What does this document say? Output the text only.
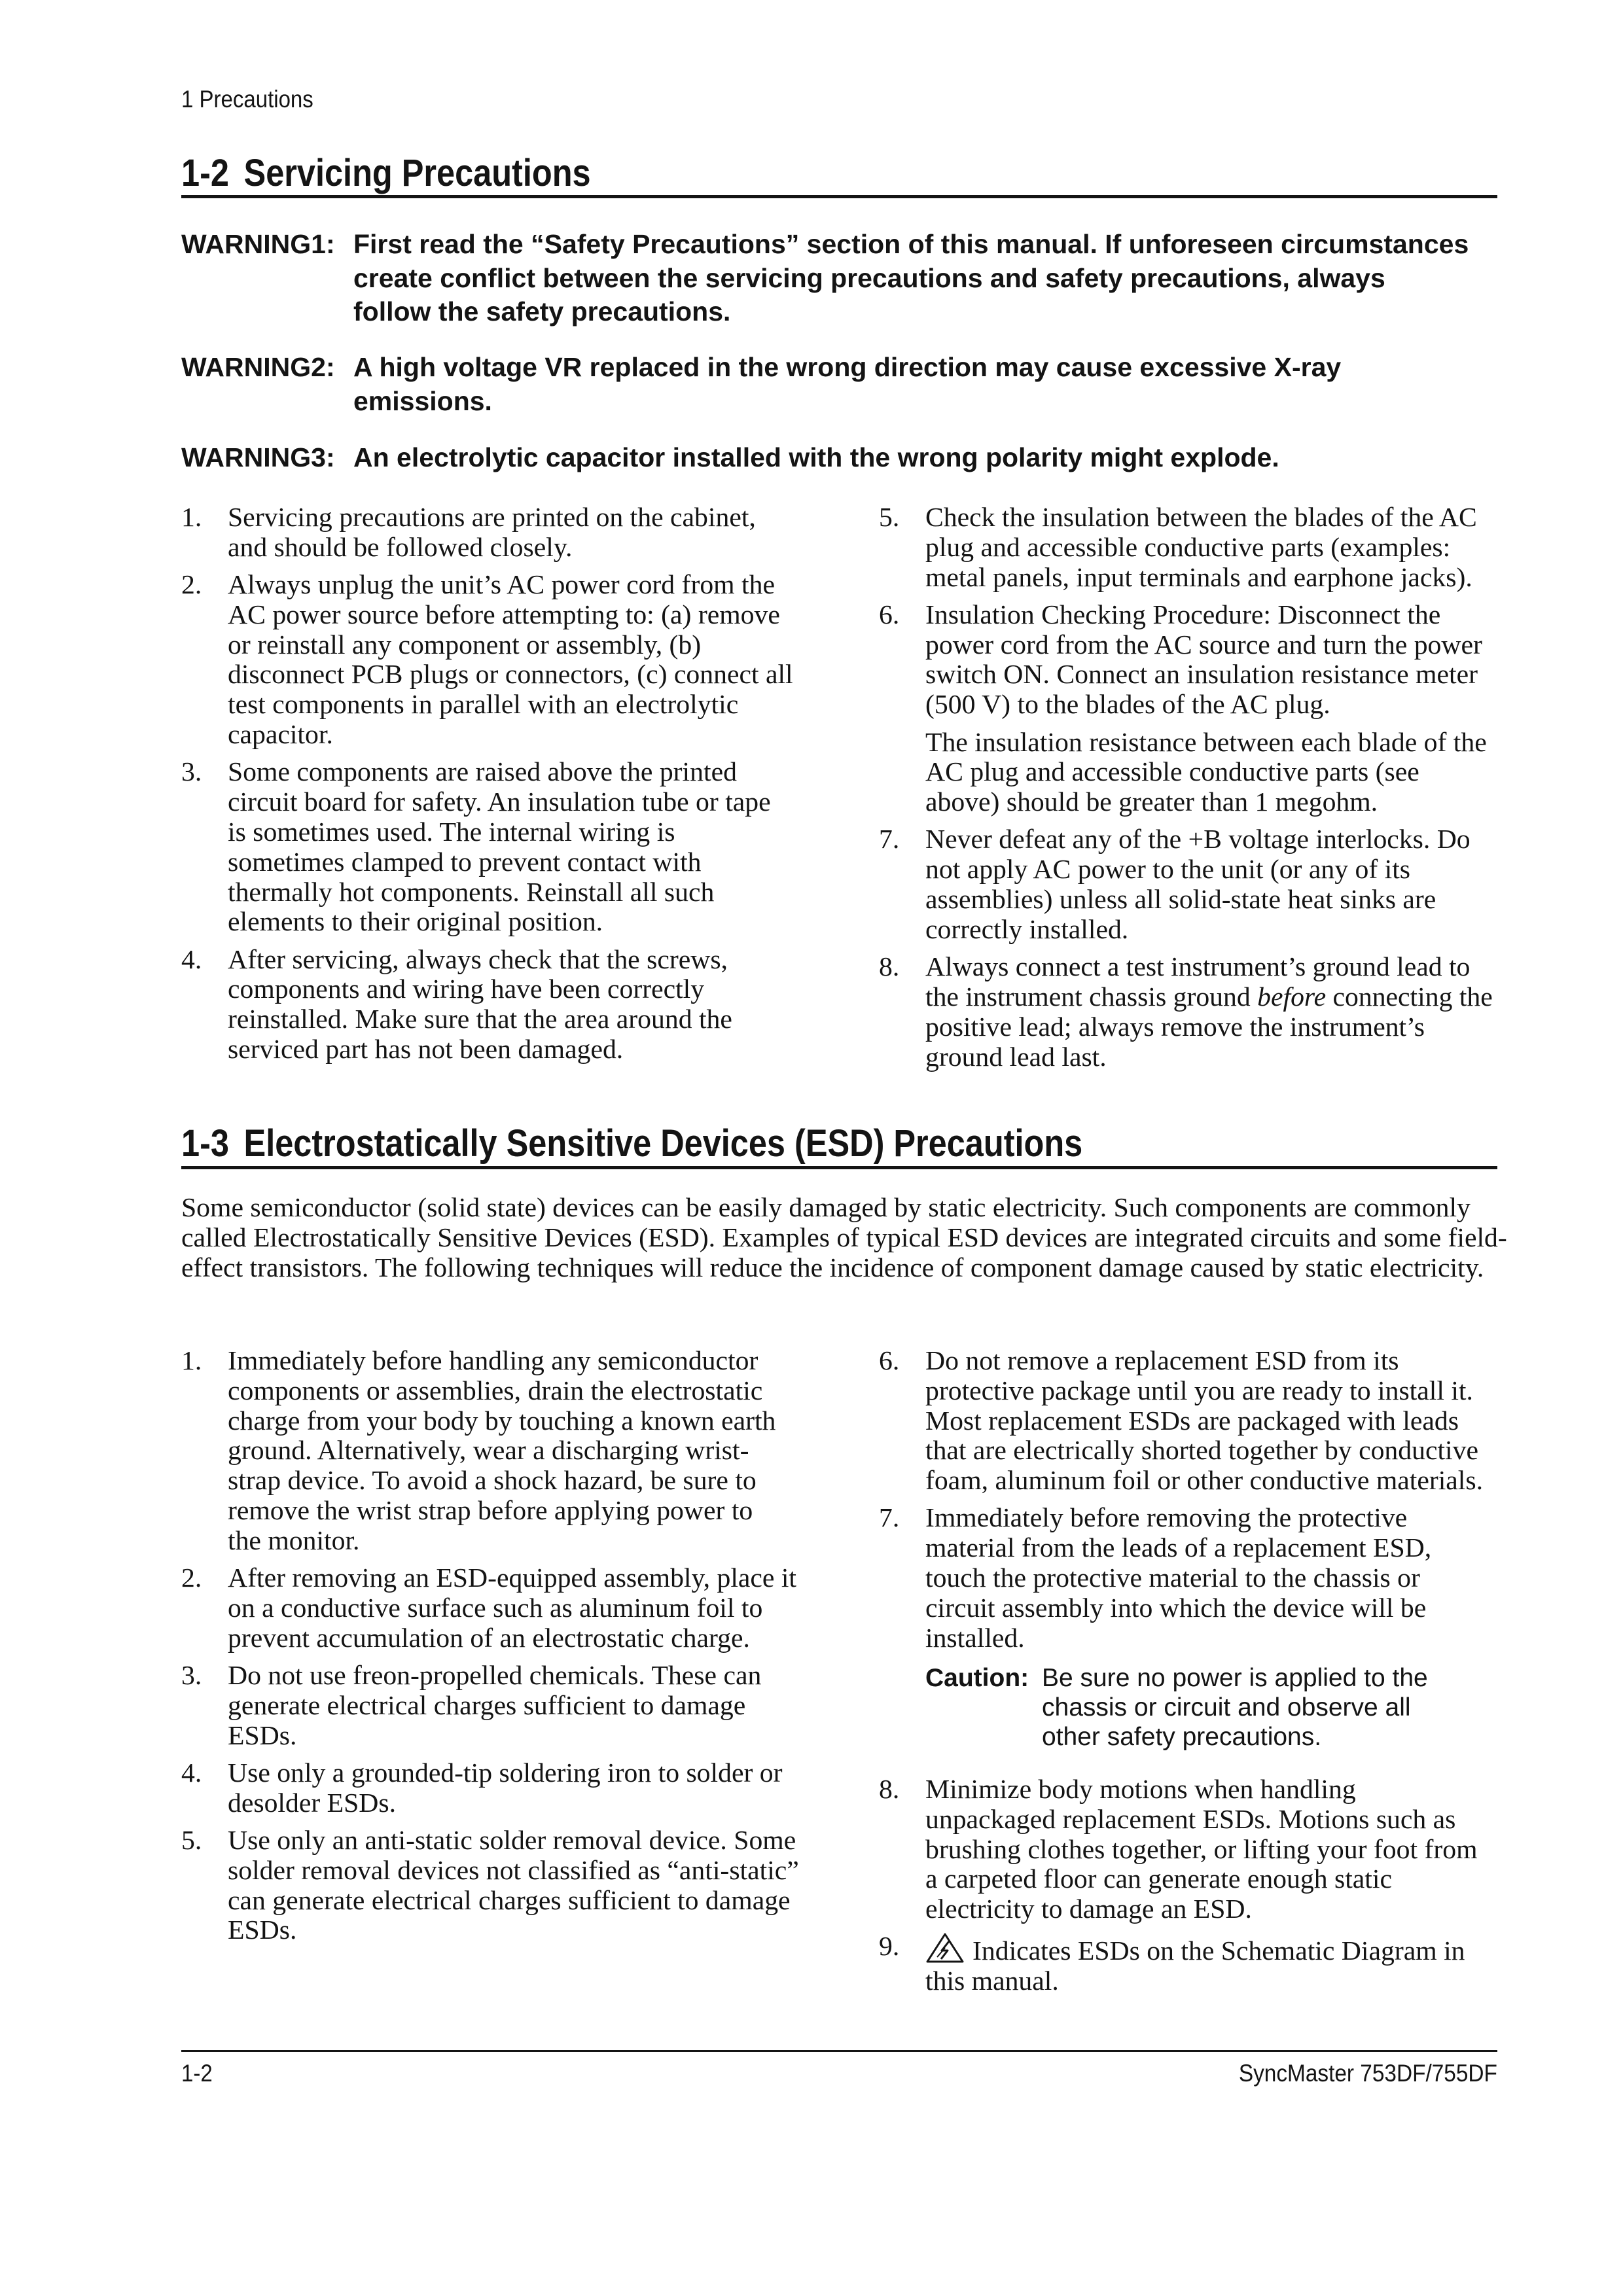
1 Precautions
1-2 Servicing Precautions
WARNING1: First read the “Safety Precautions” section of this manual. If unforeseen circumstances
create conflict between the servicing precautions and safety precautions, always
follow the safety precautions.
WARNING2: A high voltage VR replaced in the wrong direction may cause excessive X-ray
emissions.
WARNING3: An electrolytic capacitor installed with the wrong polarity might explode.
1. Servicing precautions are printed on the cabinet,
and should be followed closely.
2. Always unplug the unit’s AC power cord from the
AC power source before attempting to: (a) remove
or reinstall any component or assembly, (b)
disconnect PCB plugs or connectors, (c) connect all
test components in parallel with an electrolytic
capacitor.
3. Some components are raised above the printed
circuit board for safety. An insulation tube or tape
is sometimes used. The internal wiring is
sometimes clamped to prevent contact with
thermally hot components. Reinstall all such
elements to their original position.
4. After servicing, always check that the screws,
components and wiring have been correctly
reinstalled. Make sure that the area around the
serviced part has not been damaged.
5. Check the insulation between the blades of the AC
plug and accessible conductive parts (examples:
metal panels, input terminals and earphone jacks).
6. Insulation Checking Procedure: Disconnect the
power cord from the AC source and turn the power
switch ON. Connect an insulation resistance meter
(500 V) to the blades of the AC plug.
The insulation resistance between each blade of the
AC plug and accessible conductive parts (see
above) should be greater than 1 megohm.
7. Never defeat any of the +B voltage interlocks. Do
not apply AC power to the unit (or any of its
assemblies) unless all solid-state heat sinks are
correctly installed.
8. Always connect a test instrument’s ground lead to
the instrument chassis ground before connecting the
positive lead; always remove the instrument’s
ground lead last.
1-3 Electrostatically Sensitive Devices (ESD) Precautions
Some semiconductor (solid state) devices can be easily damaged by static electricity. Such components are commonly
called Electrostatically Sensitive Devices (ESD). Examples of typical ESD devices are integrated circuits and some field-
effect transistors. The following techniques will reduce the incidence of component damage caused by static electricity.
1. Immediately before handling any semiconductor
components or assemblies, drain the electrostatic
charge from your body by touching a known earth
ground. Alternatively, wear a discharging wrist-
strap device. To avoid a shock hazard, be sure to
remove the wrist strap before applying power to
the monitor.
2. After removing an ESD-equipped assembly, place it
on a conductive surface such as aluminum foil to
prevent accumulation of an electrostatic charge.
3. Do not use freon-propelled chemicals. These can
generate electrical charges sufficient to damage
ESDs.
4. Use only a grounded-tip soldering iron to solder or
desolder ESDs.
5. Use only an anti-static solder removal device. Some
solder removal devices not classified as “anti-static”
can generate electrical charges sufficient to damage
ESDs.
6. Do not remove a replacement ESD from its
protective package until you are ready to install it.
Most replacement ESDs are packaged with leads
that are electrically shorted together by conductive
foam, aluminum foil or other conductive materials.
7. Immediately before removing the protective
material from the leads of a replacement ESD,
touch the protective material to the chassis or
circuit assembly into which the device will be
installed.
Caution: Be sure no power is applied to the
chassis or circuit and observe all
other safety precautions.
8. Minimize body motions when handling
unpackaged replacement ESDs. Motions such as
brushing clothes together, or lifting your foot from
a carpeted floor can generate enough static
electricity to damage an ESD.
9.	Indicates ESDs on the Schematic Diagram in
this manual.
1-2	SyncMaster 753DF/755DF
